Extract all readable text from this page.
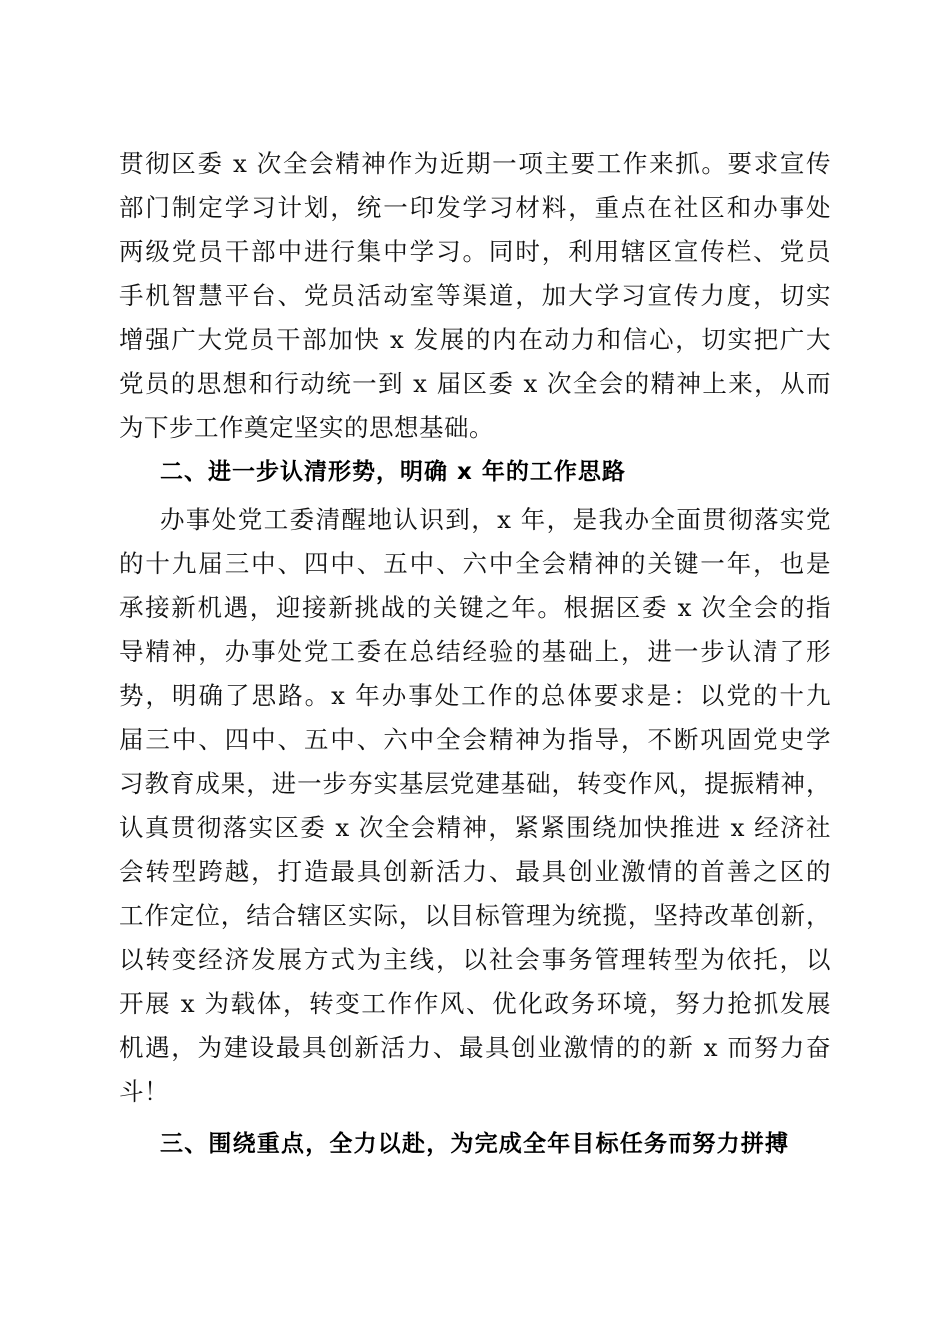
贯彻区委 x 次全会精神作为近期一项主要工作来抓。要求宣传
部门制定学习计划，统一印发学习材料，重点在社区和办事处
两级党员干部中进行集中学习。同时，利用辖区宣传栏、党员
手机智慧平台、党员活动室等渠道，加大学习宣传力度，切实
增强广大党员干部加快 x 发展的内在动力和信心，切实把广大
党员的思想和行动统一到 x 届区委 x 次全会的精神上来，从而
为下步工作奠定坚实的思想基础。
二、进一步认清形势，明确 x 年的工作思路
办事处党工委清醒地认识到，x 年，是我办全面贯彻落实党
的十九届三中、四中、五中、六中全会精神的关键一年，也是
承接新机遇，迎接新挑战的关键之年。根据区委 x 次全会的指
导精神，办事处党工委在总结经验的基础上，进一步认清了形
势，明确了思路。x 年办事处工作的总体要求是：以党的十九
届三中、四中、五中、六中全会精神为指导，不断巩固党史学
习教育成果，进一步夯实基层党建基础，转变作风，提振精神，
认真贯彻落实区委 x 次全会精神，紧紧围绕加快推进 x 经济社
会转型跨越，打造最具创新活力、最具创业激情的首善之区的
工作定位，结合辖区实际，以目标管理为统揽，坚持改革创新，
以转变经济发展方式为主线，以社会事务管理转型为依托，以
开展 x 为载体，转变工作作风、优化政务环境，努力抢抓发展
机遇，为建设最具创新活力、最具创业激情的的新 x 而努力奋
斗！
三、围绕重点，全力以赴，为完成全年目标任务而努力拼搏
